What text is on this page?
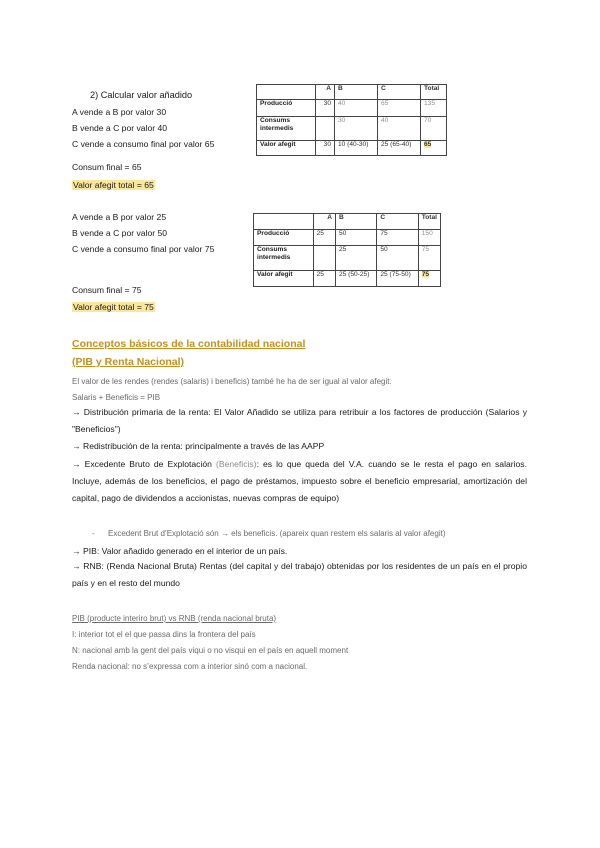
2) Calcular valor añadido
A vende a B por valor 30
B vende a C por valor 40
C vende a consumo final por valor 65
Consum final = 65
Valor afegit total = 65
	A	B	C	Total
Producció	30	40	65	135
Consums intermedis		30	40	70
Valor afegit	30	10 (40-30)	25 (65-40)	65
A vende a B por valor 25
B vende a C por valor 50
C vende a consumo final por valor 75
Consum final = 75
Valor afegit total = 75
	A	B	C	Total
Producció	25	50	75	150
Consums intermedis		25	50	75
Valor afegit	25	25 (50-25)	25 (75-50)	75
Conceptos básicos de la contabilidad nacional
(PIB y Renta Nacional)
El valor de les rendes (rendes (salaris) i beneficis) també he ha de ser igual al valor afegit.
Salaris + Beneficis = PIB
→ Distribución primaria de la renta: El Valor Añadido se utiliza para retribuir a los factores de producción (Salarios y "Beneficios")
→ Redistribución de la renta: principalmente a través de las AAPP
→ Excedente Bruto de Explotación (Beneficis): es lo que queda del V.A. cuando se le resta el pago en salarios. Incluye, además de los beneficios, el pago de préstamos, impuesto sobre el beneficio empresarial, amortización del capital, pago de dividendos a accionistas, nuevas compras de equipo)
- Excedent Brut d’Explotació són → els beneficis. (apareix quan restem els salaris al valor afegit)
→ PIB: Valor añadido generado en el interior de un país.
→ RNB: (Renda Nacional Bruta) Rentas (del capital y del trabajo) obtenidas por los residentes de un país en el propio país y en el resto del mundo
PIB (producte interiro brut) vs RNB (renda nacional bruta)
I: interior tot el el que passa dins la frontera del país
N: nacional amb la gent del país viqui o no visqui en el país en aquell moment
Renda nacional: no s’expressa com a interior sinó com a nacional.
